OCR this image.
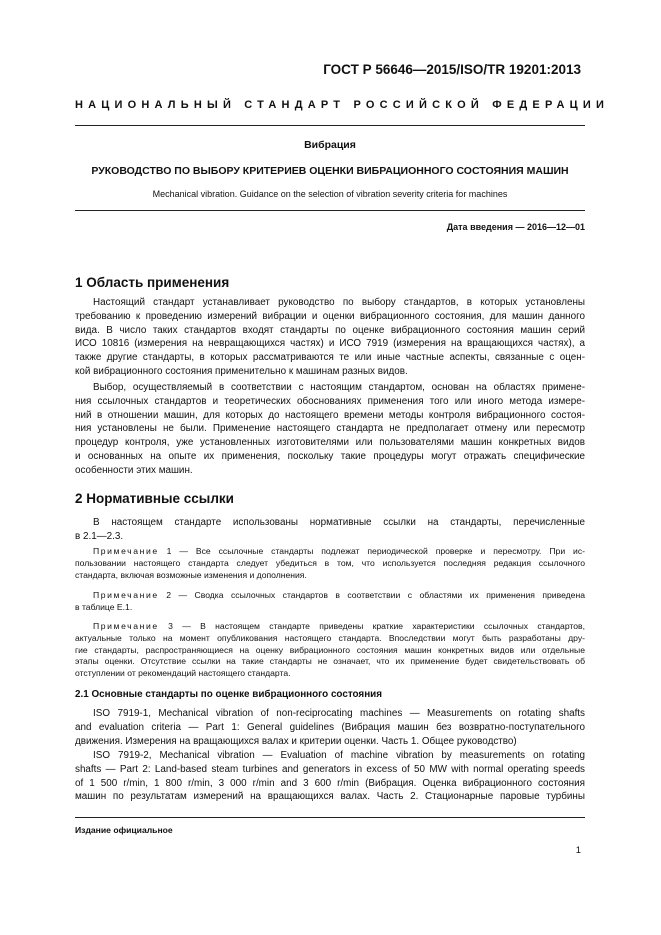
ГОСТ Р 56646—2015/ISO/TR 19201:2013
НАЦИОНАЛЬНЫЙ СТАНДАРТ РОССИЙСКОЙ ФЕДЕРАЦИИ
Вибрация
РУКОВОДСТВО ПО ВЫБОРУ КРИТЕРИЕВ ОЦЕНКИ ВИБРАЦИОННОГО СОСТОЯНИЯ МАШИН
Mechanical vibration. Guidance on the selection of vibration severity criteria for machines
Дата введения — 2016—12—01
1 Область применения
Настоящий стандарт устанавливает руководство по выбору стандартов, в которых установлены
требованию к проведению измерений вибрации и оценки вибрационного состояния, для машин данного
вида. В число таких стандартов входят стандарты по оценке вибрационного состояния машин серий
ИСО 10816 (измерения на невращающихся частях) и ИСО 7919 (измерения на вращающихся частях), а
также другие стандарты, в которых рассматриваются те или иные частные аспекты, связанные с оцен-
кой вибрационного состояния применительно к машинам разных видов.
Выбор, осуществляемый в соответствии с настоящим стандартом, основан на областях примене-
ния ссылочных стандартов и теоретических обоснованиях применения того или иного метода измере-
ний в отношении машин, для которых до настоящего времени методы контроля вибрационного состоя-
ния установлены не были. Применение настоящего стандарта не предполагает отмену или пересмотр
процедур контроля, уже установленных изготовителями или пользователями машин конкретных видов
и основанных на опыте их применения, поскольку такие процедуры могут отражать специфические
особенности этих машин.
2 Нормативные ссылки
В настоящем стандарте использованы нормативные ссылки на стандарты, перечисленные
в 2.1—2.3.
Примечание 1 — Все ссылочные стандарты подлежат периодической проверке и пересмотру. При ис-
пользовании настоящего стандарта следует убедиться в том, что используется последняя редакция ссылочного
стандарта, включая возможные изменения и дополнения.
Примечание 2 — Сводка ссылочных стандартов в соответствии с областями их применения приведена
в таблице Е.1.
Примечание 3 — В настоящем стандарте приведены краткие характеристики ссылочных стандартов,
актуальные только на момент опубликования настоящего стандарта. Впоследствии могут быть разработаны дру-
гие стандарты, распространяющиеся на оценку вибрационного состояния машин конкретных видов или отдельные
этапы оценки. Отсутствие ссылки на такие стандарты не означает, что их применение будет свидетельствовать об
отступлении от рекомендаций настоящего стандарта.
2.1 Основные стандарты по оценке вибрационного состояния
ISO 7919-1, Mechanical vibration of non-reciprocating machines — Measurements on rotating shafts
and evaluation criteria — Part 1: General guidelines (Вибрация машин без возвратно-поступательного
движения. Измерения на вращающихся валах и критерии оценки. Часть 1. Общее руководство)
ISO 7919-2, Mechanical vibration — Evaluation of machine vibration by measurements on rotating
shafts — Part 2: Land-based steam turbines and generators in excess of 50 MW with normal operating speeds
of 1 500 r/min, 1 800 r/min, 3 000 r/min and 3 600 r/min (Вибрация. Оценка вибрационного состояния
машин по результатам измерений на вращающихся валах. Часть 2. Стационарные паровые турбины
Издание официальное
1
